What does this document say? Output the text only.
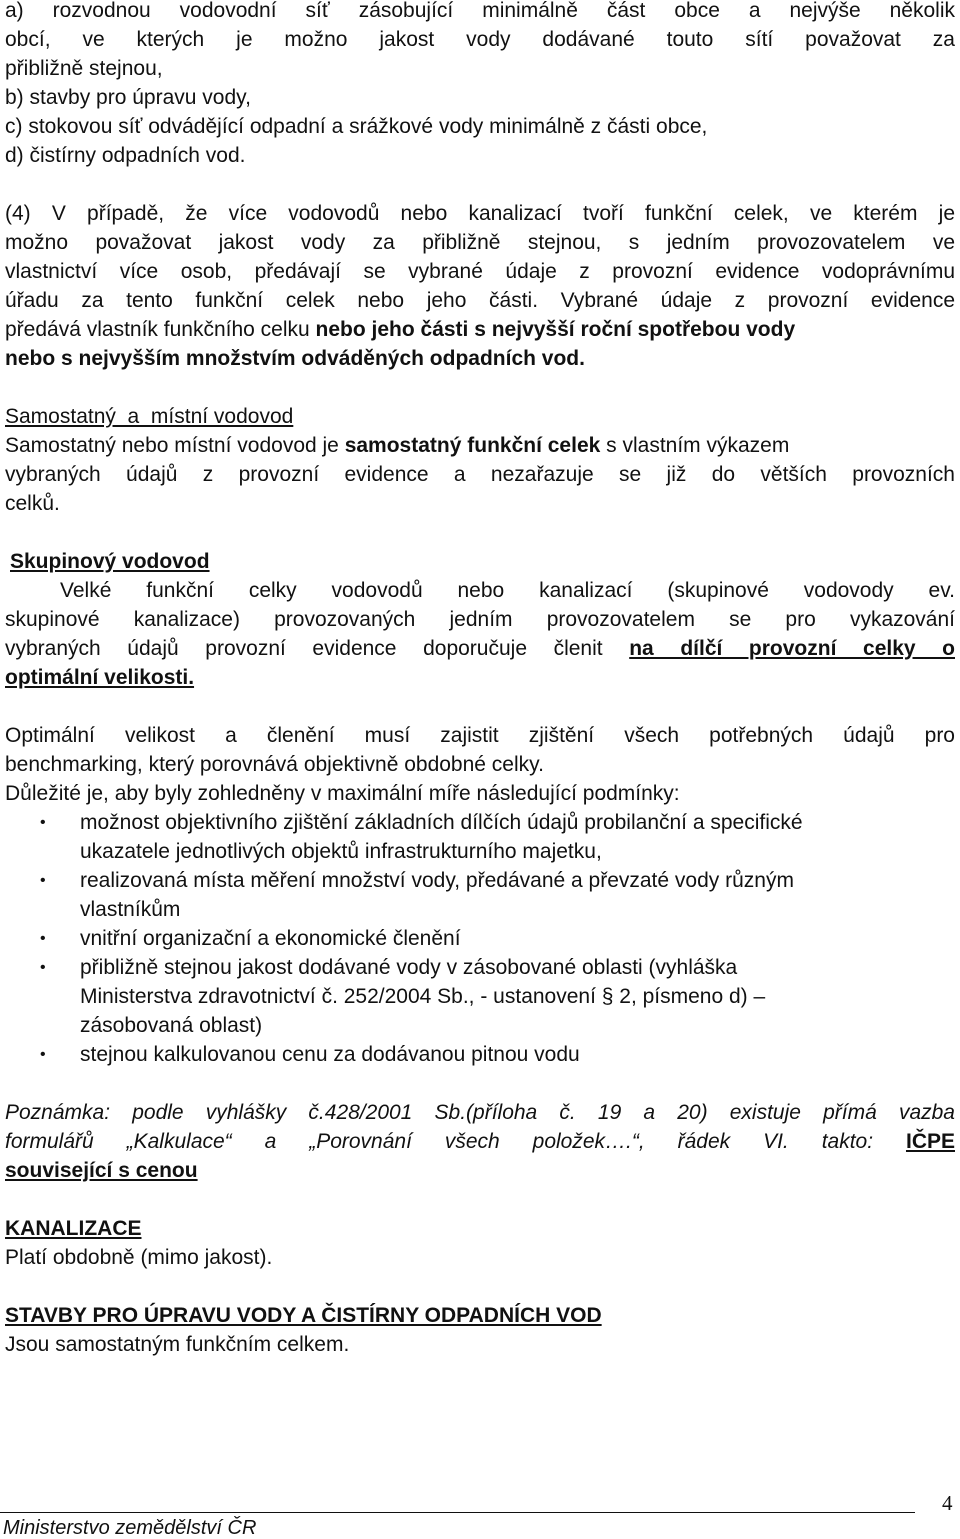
a) rozvodnou vodovodní síť zásobující minimálně část obce a nejvýše několik
obcí, ve kterých je možno jakost vody dodávané touto sítí považovat za
přibližně stejnou,
b) stavby pro úpravu vody,
c) stokovou síť odvádějící odpadní a srážkové vody minimálně z části obce,
d) čistírny odpadních vod.
(4) V případě, že více vodovodů nebo kanalizací tvoří funkční celek, ve kterém je
možno považovat jakost vody za přibližně stejnou, s jedním provozovatelem ve
vlastnictví více osob, předávají se vybrané údaje z provozní evidence vodoprávnímu
úřadu za tento funkční celek nebo jeho části. Vybrané údaje z provozní evidence
předává vlastník funkčního celku nebo jeho části s nejvyšší roční spotřebou vody
nebo s nejvyšším množstvím odváděných odpadních vod.
Samostatný  a  místní vodovod
Samostatný nebo místní vodovod je samostatný funkční celek s vlastním výkazem
vybraných údajů z provozní evidence a nezařazuje se již do větších provozních
celků.
Skupinový vodovod
Velké funkční celky vodovodů nebo kanalizací (skupinové vodovody ev.
skupinové kanalizace) provozovaných jedním provozovatelem se pro vykazování
vybraných údajů provozní evidence doporučuje členit na dílčí provozní celky o
optimální velikosti.
Optimální velikost a členění musí zajistit zjištění všech potřebných údajů pro
benchmarking, který porovnává objektivně obdobné celky.
Důležité je, aby byly zohledněny v maximální míře následující podmínky:
• možnost objektivního zjištění základních dílčích údajů probilanční a specifické
ukazatele jednotlivých objektů infrastrukturního majetku,
• realizovaná místa měření množství vody, předávané a převzaté vody různým
vlastníkům
• vnitřní organizační a ekonomické členění
• přibližně stejnou jakost dodávané vody v zásobované oblasti (vyhláška
Ministerstva zdravotnictví č. 252/2004 Sb., - ustanovení § 2, písmeno d) –
zásobovaná oblast)
• stejnou kalkulovanou cenu za dodávanou pitnou vodu
Poznámka: podle vyhlášky č.428/2001 Sb.(příloha č. 19 a 20) existuje přímá vazba
formulářů „Kalkulace“ a „Porovnání všech položek….“, řádek VI. takto: IČPE
související s cenou
KANALIZACE
Platí obdobně (mimo jakost).
STAVBY PRO ÚPRAVU VODY A ČISTÍRNY ODPADNÍCH VOD
Jsou samostatným funkčním celkem.
4
Ministerstvo zemědělství ČR
